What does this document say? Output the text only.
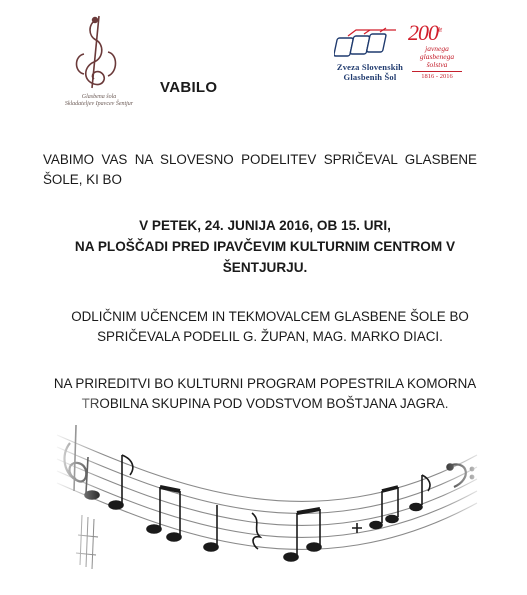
Glasbena šola
Skladateljev Ipavcev Šentjur
VABILO
Zveza Slovenskih
Glasbenih Šol
$200^{let}$
javnega
glasbenega
šolstva
1816 - 2016
VABIMO VAS NA SLOVESNO PODELITEV SPRIČEVAL GLASBENE
ŠOLE, KI BO
V PETEK, 24. JUNIJA 2016, OB 15. URI,
NA PLOŠČADI PRED IPAVČEVIM KULTURNIM CENTROM V
ŠENTJURJU.
ODLIČNIM UČENCEM IN TEKMOVALCEM GLASBENE ŠOLE BO
SPRIČEVALA PODELIL G. ŽUPAN, MAG. MARKO DIACI.
NA PRIREDITVI BO KULTURNI PROGRAM POPESTRILA KOMORNA
